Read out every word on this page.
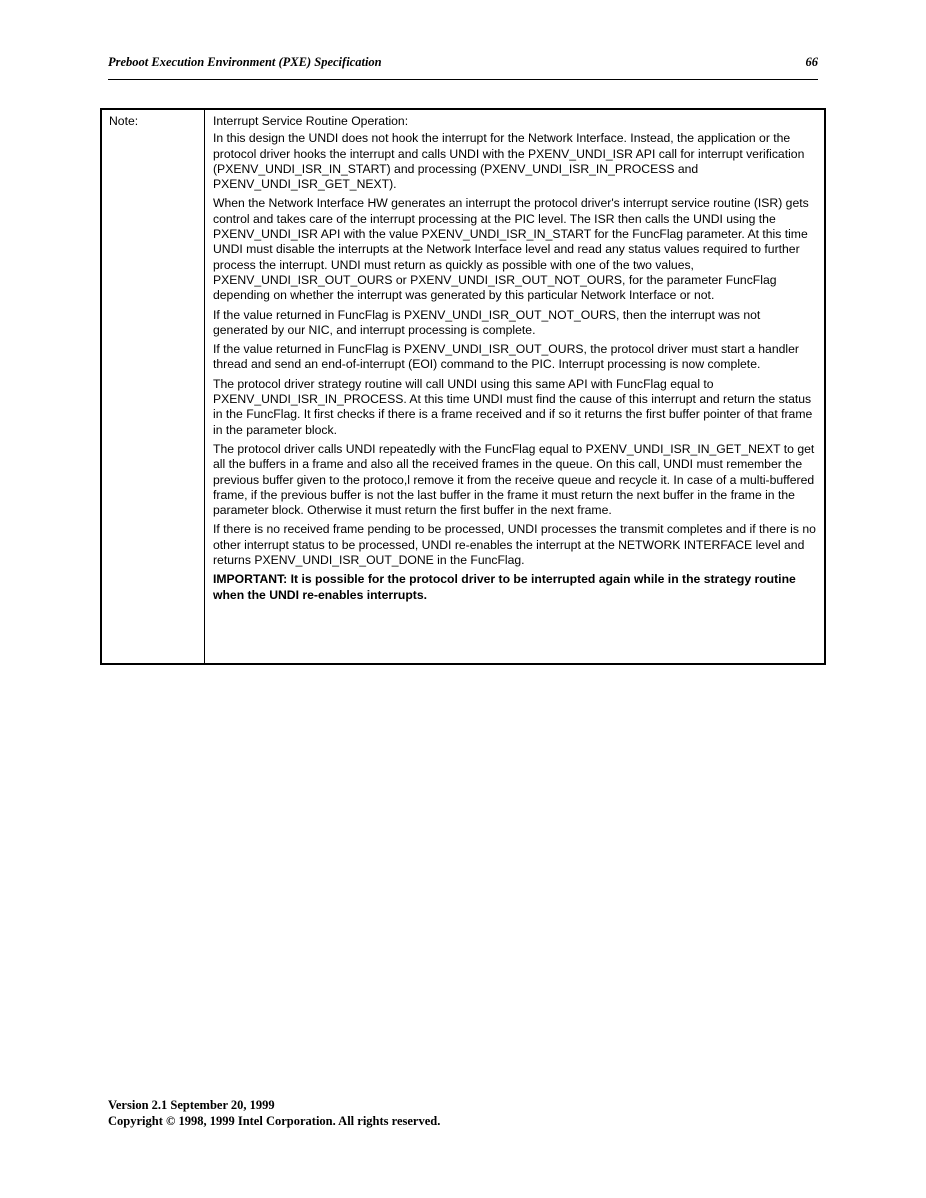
Preboot Execution Environment (PXE) Specification	66
Note:	Interrupt Service Routine Operation:

In this design the UNDI does not hook the interrupt for the Network Interface. Instead, the application or the protocol driver hooks the interrupt and calls UNDI with the PXENV_UNDI_ISR API call for interrupt verification (PXENV_UNDI_ISR_IN_START) and processing (PXENV_UNDI_ISR_IN_PROCESS and PXENV_UNDI_ISR_GET_NEXT).

When the Network Interface HW generates an interrupt the protocol driver's interrupt service routine (ISR) gets control and takes care of the interrupt processing at the PIC level. The ISR then calls the UNDI using the PXENV_UNDI_ISR API with the value PXENV_UNDI_ISR_IN_START for the FuncFlag parameter. At this time UNDI must disable the interrupts at the Network Interface level and read any status values required to further process the interrupt. UNDI must return as quickly as possible with one of the two values, PXENV_UNDI_ISR_OUT_OURS or PXENV_UNDI_ISR_OUT_NOT_OURS, for the parameter FuncFlag depending on whether the interrupt was generated by this particular Network Interface or not.

If the value returned in FuncFlag is PXENV_UNDI_ISR_OUT_NOT_OURS, then the interrupt was not generated by our NIC, and interrupt processing is complete.

If the value returned in FuncFlag is PXENV_UNDI_ISR_OUT_OURS, the protocol driver must start a handler thread and send an end-of-interrupt (EOI) command to the PIC. Interrupt processing is now complete.

The protocol driver strategy routine will call UNDI using this same API with FuncFlag equal to PXENV_UNDI_ISR_IN_PROCESS. At this time UNDI must find the cause of this interrupt and return the status in the FuncFlag. It first checks if there is a frame received and if so it returns the first buffer pointer of that frame in the parameter block.

The protocol driver calls UNDI repeatedly with the FuncFlag equal to PXENV_UNDI_ISR_IN_GET_NEXT to get all the buffers in a frame and also all the received frames in the queue. On this call, UNDI must remember the previous buffer given to the protoco,l remove it from the receive queue and recycle it. In case of a multi-buffered frame, if the previous buffer is not the last buffer in the frame it must return the next buffer in the frame in the parameter block. Otherwise it must return the first buffer in the next frame.

If there is no received frame pending to be processed, UNDI processes the transmit completes and if there is no other interrupt status to be processed, UNDI re-enables the interrupt at the NETWORK INTERFACE level and returns PXENV_UNDI_ISR_OUT_DONE in the FuncFlag.

IMPORTANT: It is possible for the protocol driver to be interrupted again while in the strategy routine when the UNDI re-enables interrupts.

Version 2.1 September 20, 1999
Copyright © 1998, 1999 Intel Corporation. All rights reserved.
